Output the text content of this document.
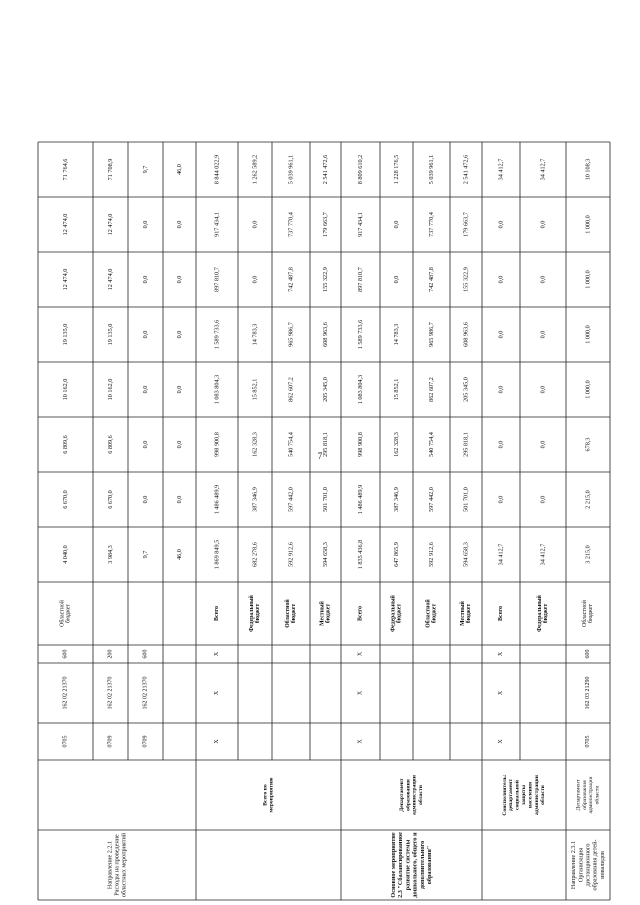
7
Направление 2.2.1 Расходы на проведение областных мероприятий
0705
162 02 21370
600
Областной бюджет
4 040,0
6 670,0
6 809,6
10 162,0
19 135,0
12 474,0
12 474,0
71 764,6
0709
162 02 21370
200
3 984,3
6 670,0
6 809,6
10 162,0
19 135,0
12 474,0
12 474,0
71 708,9
0709
162 02 21370
600
9,7
0,0
0,0
0,0
0,0
0,0
0,0
9,7
46,0
0,0
0,0
0,0
0,0
0,0
0,0
46,0
Всего по мероприятию
Х
Х
Х
Всего
1 869 849,5
1 486 489,9
998 900,8
1 083 804,3
1 589 733,6
897 810,7
917 434,1
8 844 022,9
Федеральный бюджет
682 278,6
387 346,9
162 328,3
15 852,1
14 783,3
0,0
0,0
1 262 589,2
Областной бюджет
592 912,6
597 442,0
540 754,4
862 607,2
965 986,7
742 487,8
737 770,4
5 039 961,1
Местный бюджет
594 658,3
501 701,0
295 818,1
205 345,0
608 963,6
155 322,9
179 663,7
2 541 472,6
Основное мероприятие 2.3 "Сбалансированное развитие системы дошкольного, общего и дополнительного образования"
Департамент образования администрации области
Х
Х
Х
Всего
1 835 436,8
1 486 489,9
998 900,8
1 083 804,3
1 589 733,6
897 810,7
917 434,1
8 809 610,2
Федеральный бюджет
647 865,9
387 346,9
162 328,3
15 852,1
14 783,3
0,0
0,0
1 228 176,5
Областной бюджет
592 912,6
597 442,0
540 754,4
862 607,2
965 986,7
742 487,8
737 770,4
5 039 961,1
Местный бюджет
594 658,3
501 701,0
295 818,1
205 345,0
608 963,6
155 322,9
179 663,7
2 541 472,6
Соисполнитель: департамент социальной защиты населения администрации области
Х
Х
Х
Всего
34 412,7
0,0
0,0
0,0
0,0
0,0
0,0
34 412,7
Федеральный бюджет
34 412,7
0,0
0,0
0,0
0,0
0,0
0,0
34 412,7
Направление 2.3.1 Организация дистанционного образования детей- инвалидов
Департамент образования администрации области
0705
162 03 21290
600
Областной бюджет
3 215,0
2 215,0
678,3
1 000,0
1 000,0
1 000,0
1 000,0
10 108,3
